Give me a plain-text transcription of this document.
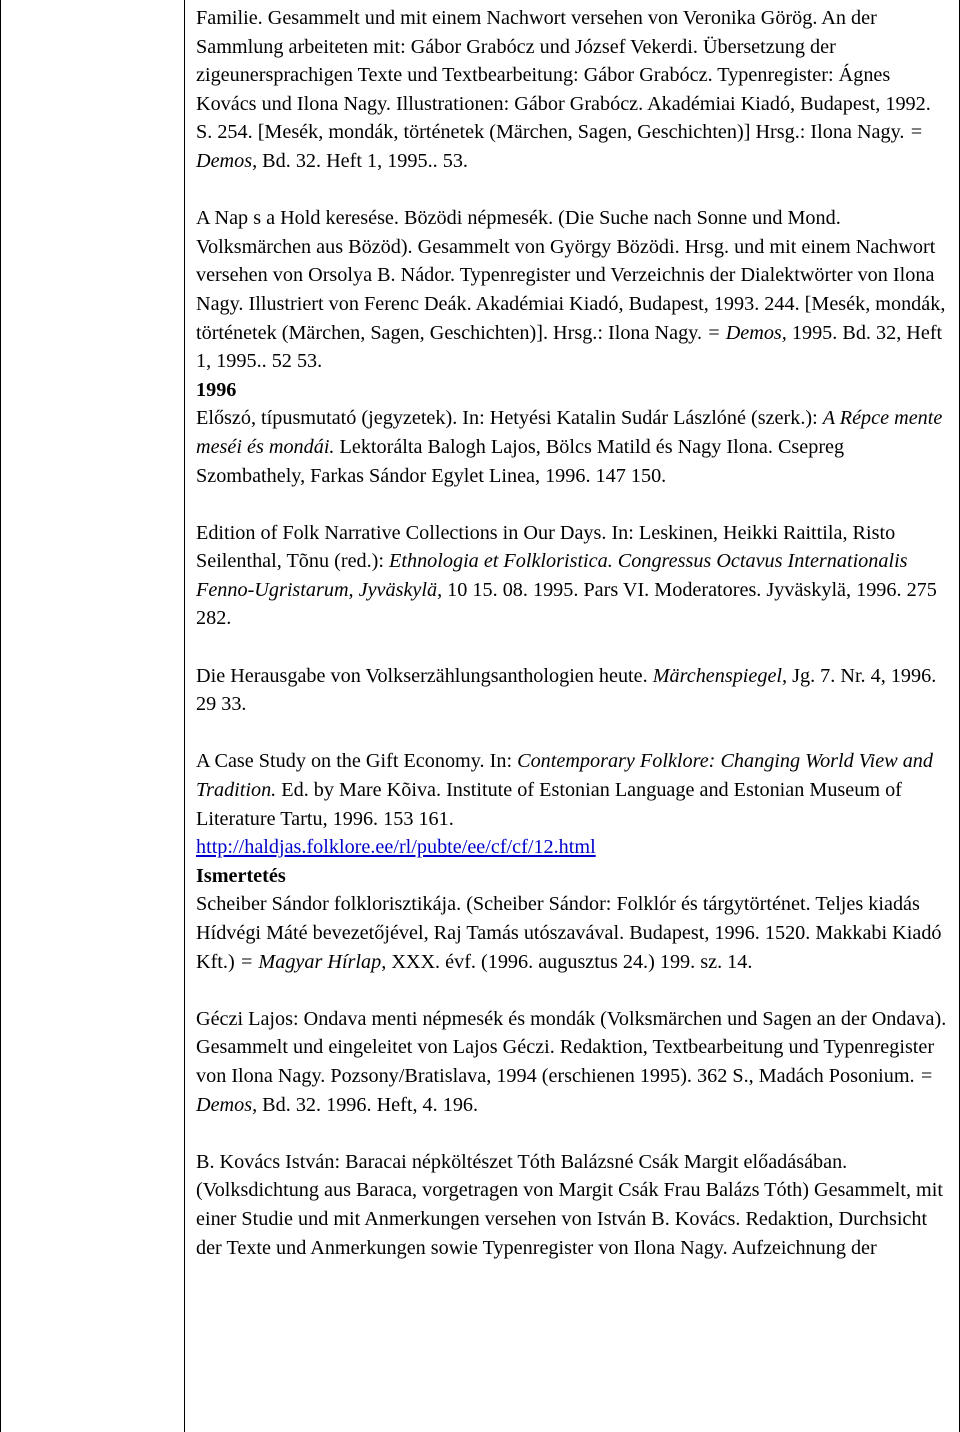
Familie. Gesammelt und mit einem Nachwort versehen von Veronika Görög. An der Sammlung arbeiteten mit: Gábor Grabócz und József Vekerdi. Übersetzung der zigeunersprachigen Texte und Textbearbeitung: Gábor Grabócz. Typenregister: Ágnes Kovács und Ilona Nagy. Illustrationen: Gábor Grabócz. Akadémiai Kiadó, Budapest, 1992. S. 254. [Mesék, mondák, történetek (Märchen, Sagen, Geschichten)] Hrsg.: Ilona Nagy. = Demos, Bd. 32. Heft 1, 1995.. 53.

A Nap s a Hold keresése. Bözödi népmesék. (Die Suche nach Sonne und Mond. Volksmärchen aus Bözöd). Gesammelt von György Bözödi. Hrsg. und mit einem Nachwort versehen von Orsolya B. Nádor. Typenregister und Verzeichnis der Dialektwörter von Ilona Nagy. Illustriert von Ferenc Deák. Akadémiai Kiadó, Budapest, 1993. 244. [Mesék, mondák, történetek (Märchen, Sagen, Geschichten)]. Hrsg.: Ilona Nagy. = Demos, 1995. Bd. 32, Heft 1, 1995.. 52 53.

1996

Előszó, típusmutató (jegyzetek). In: Hetyési Katalin Sudár Lászlóné (szerk.): A Répce mente meséi és mondái. Lektorálta Balogh Lajos, Bölcs Matild és Nagy Ilona. Csepreg Szombathely, Farkas Sándor Egylet Linea, 1996. 147 150.

Edition of Folk Narrative Collections in Our Days. In: Leskinen, Heikki Raittila, Risto Seilenthal, Tõnu (red.): Ethnologia et Folkloristica. Congressus Octavus Internationalis Fenno-Ugristarum, Jyväskylä, 10 15. 08. 1995. Pars VI. Moderatores. Jyväskylä, 1996. 275 282.

Die Herausgabe von Volkserzählungsanthologien heute. Märchenspiegel, Jg. 7. Nr. 4, 1996. 29 33.

A Case Study on the Gift Economy. In: Contemporary Folklore: Changing World View and Tradition. Ed. by Mare Kõiva. Institute of Estonian Language and Estonian Museum of Literature Tartu, 1996. 153 161.
http://haldjas.folklore.ee/rl/pubte/ee/cf/cf/12.html

Ismertetés

Scheiber Sándor folklorisztikája. (Scheiber Sándor: Folklór és tárgytörténet. Teljes kiadás Hídvégi Máté bevezetőjével, Raj Tamás utószavával. Budapest, 1996. 1520. Makkabi Kiadó Kft.) = Magyar Hírlap, XXX. évf. (1996. augusztus 24.) 199. sz. 14.

Géczi Lajos: Ondava menti népmesék és mondák (Volksmärchen und Sagen an der Ondava). Gesammelt und eingeleitet von Lajos Géczi. Redaktion, Textbearbeitung und Typenregister von Ilona Nagy. Pozsony/Bratislava, 1994 (erschienen 1995). 362 S., Madách Posonium. = Demos, Bd. 32. 1996. Heft, 4. 196.

B. Kovács István: Baracai népköltészet Tóth Balázsné Csák Margit előadásában. (Volksdichtung aus Baraca, vorgetragen von Margit Csák Frau Balázs Tóth) Gesammelt, mit einer Studie und mit Anmerkungen versehen von István B. Kovács. Redaktion, Durchsicht der Texte und Anmerkungen sowie Typenregister von Ilona Nagy. Aufzeichnung der
